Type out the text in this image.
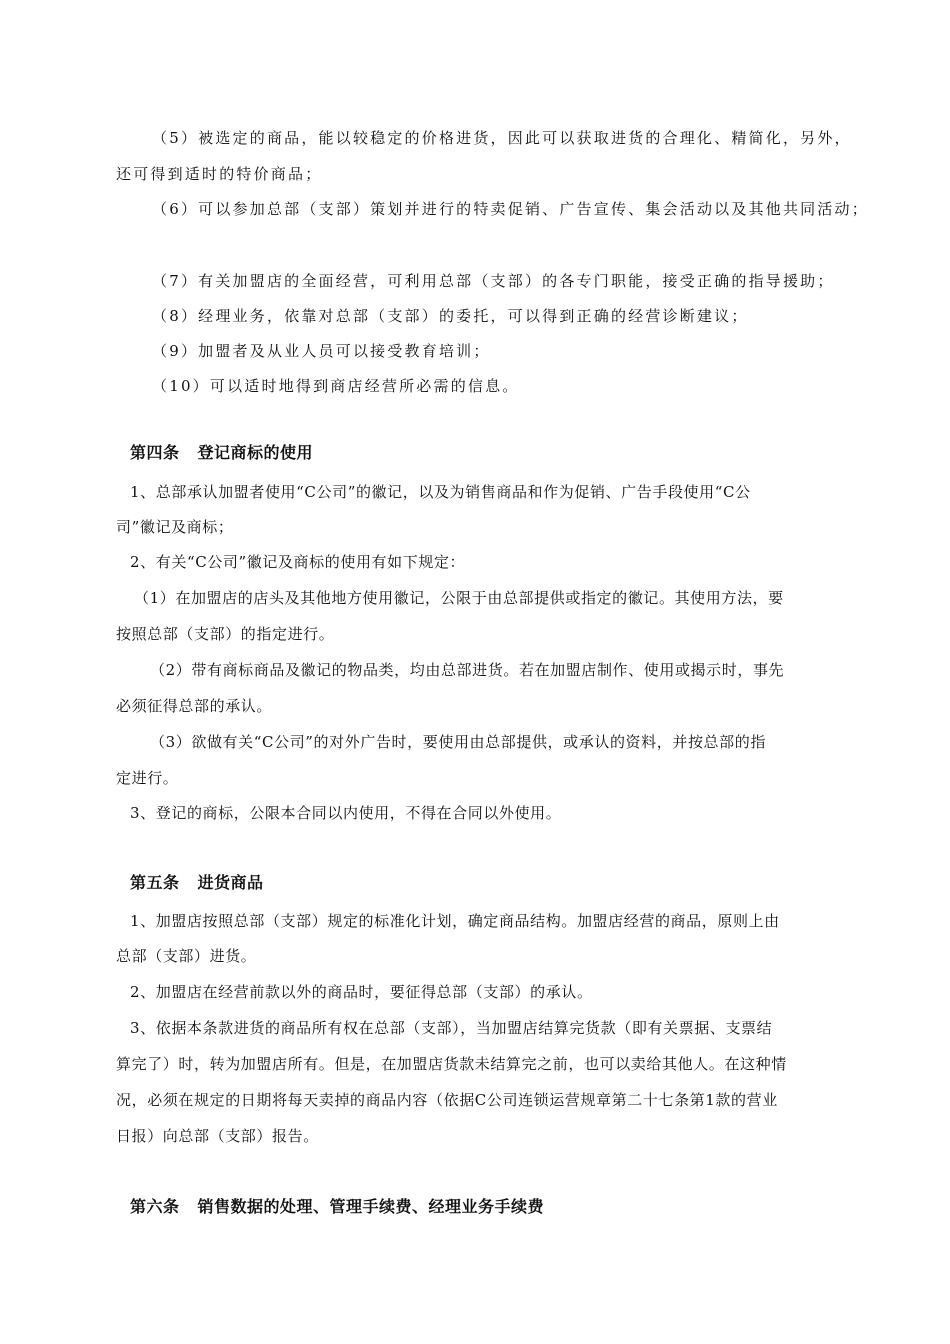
（5）被选定的商品，能以较稳定的价格进货，因此可以获取进货的合理化、精简化，另外，
还可得到适时的特价商品；
（6）可以参加总部（支部）策划并进行的特卖促销、广告宣传、集会活动以及其他共同活动；
（7）有关加盟店的全面经营，可利用总部（支部）的各专门职能，接受正确的指导援助；
（8）经理业务，依靠对总部（支部）的委托，可以得到正确的经营诊断建议；
（9）加盟者及从业人员可以接受教育培训；
（10）可以适时地得到商店经营所必需的信息。
第四条 登记商标的使用
1、总部承认加盟者使用“C公司”的徽记，以及为销售商品和作为促销、广告手段使用“C公
司”徽记及商标；
2、有关“C公司”徽记及商标的使用有如下规定：
（1）在加盟店的店头及其他地方使用徽记，公限于由总部提供或指定的徽记。其使用方法，要
按照总部（支部）的指定进行。
（2）带有商标商品及徽记的物品类，均由总部进货。若在加盟店制作、使用或揭示时，事先
必须征得总部的承认。
（3）欲做有关“C公司”的对外广告时，要使用由总部提供，或承认的资料，并按总部的指
定进行。
3、登记的商标，公限本合同以内使用，不得在合同以外使用。
第五条 进货商品
1、加盟店按照总部（支部）规定的标准化计划，确定商品结构。加盟店经营的商品，原则上由
总部（支部）进货。
2、加盟店在经营前款以外的商品时，要征得总部（支部）的承认。
3、依据本条款进货的商品所有权在总部（支部），当加盟店结算完货款（即有关票据、支票结
算完了）时，转为加盟店所有。但是，在加盟店货款未结算完之前，也可以卖给其他人。在这种情
况，必须在规定的日期将每天卖掉的商品内容（依据C公司连锁运营规章第二十七条第1款的营业
日报）向总部（支部）报告。
第六条 销售数据的处理、管理手续费、经理业务手续费
